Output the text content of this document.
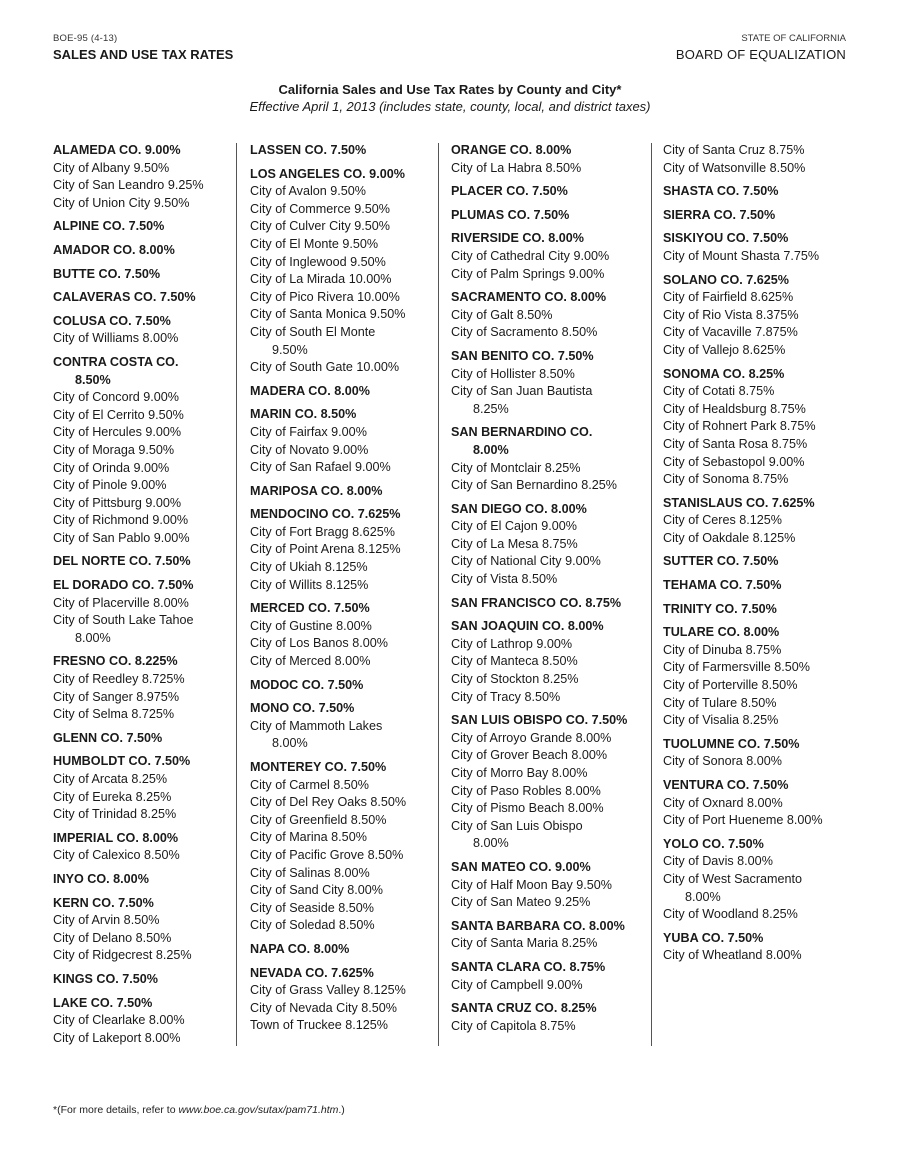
BOE-95 (4-13)
SALES AND USE TAX RATES
STATE OF CALIFORNIA
BOARD OF EQUALIZATION
California Sales and Use Tax Rates by County and City*
Effective April 1, 2013 (includes state, county, local, and district taxes)
ALAMEDA CO. 9.00%
City of Albany 9.50%
City of San Leandro 9.25%
City of Union City 9.50%
ALPINE CO. 7.50%
AMADOR CO. 8.00%
BUTTE CO. 7.50%
CALAVERAS CO. 7.50%
COLUSA CO. 7.50%
City of Williams 8.00%
CONTRA COSTA CO.
8.50%
City of Concord 9.00%
City of El Cerrito 9.50%
City of Hercules 9.00%
City of Moraga 9.50%
City of Orinda 9.00%
City of Pinole 9.00%
City of Pittsburg 9.00%
City of Richmond 9.00%
City of San Pablo 9.00%
DEL NORTE CO. 7.50%
EL DORADO CO. 7.50%
City of Placerville 8.00%
City of South Lake Tahoe
8.00%
FRESNO CO. 8.225%
City of Reedley 8.725%
City of Sanger 8.975%
City of Selma 8.725%
GLENN CO. 7.50%
HUMBOLDT CO. 7.50%
City of Arcata 8.25%
City of Eureka 8.25%
City of Trinidad 8.25%
IMPERIAL CO. 8.00%
City of Calexico 8.50%
INYO CO. 8.00%
KERN CO. 7.50%
City of Arvin 8.50%
City of Delano 8.50%
City of Ridgecrest 8.25%
KINGS CO. 7.50%
LAKE CO. 7.50%
City of Clearlake 8.00%
City of Lakeport 8.00%
LASSEN CO. 7.50%
LOS ANGELES CO. 9.00%
City of Avalon 9.50%
City of Commerce 9.50%
City of Culver City 9.50%
City of El Monte 9.50%
City of Inglewood 9.50%
City of La Mirada 10.00%
City of Pico Rivera 10.00%
City of Santa Monica 9.50%
City of South El Monte
9.50%
City of South Gate 10.00%
MADERA CO. 8.00%
MARIN CO. 8.50%
City of Fairfax 9.00%
City of Novato 9.00%
City of San Rafael 9.00%
MARIPOSA CO. 8.00%
MENDOCINO CO. 7.625%
City of Fort Bragg 8.625%
City of Point Arena 8.125%
City of Ukiah 8.125%
City of Willits 8.125%
MERCED CO. 7.50%
City of Gustine 8.00%
City of Los Banos 8.00%
City of Merced 8.00%
MODOC CO. 7.50%
MONO CO. 7.50%
City of Mammoth Lakes
8.00%
MONTEREY CO. 7.50%
City of Carmel 8.50%
City of Del Rey Oaks 8.50%
City of Greenfield 8.50%
City of Marina 8.50%
City of Pacific Grove 8.50%
City of Salinas 8.00%
City of Sand City 8.00%
City of Seaside 8.50%
City of Soledad 8.50%
NAPA CO. 8.00%
NEVADA CO. 7.625%
City of Grass Valley 8.125%
City of Nevada City 8.50%
Town of Truckee 8.125%
ORANGE CO. 8.00%
City of La Habra 8.50%
PLACER CO. 7.50%
PLUMAS CO. 7.50%
RIVERSIDE CO. 8.00%
City of Cathedral City 9.00%
City of Palm Springs 9.00%
SACRAMENTO CO. 8.00%
City of Galt 8.50%
City of Sacramento 8.50%
SAN BENITO CO. 7.50%
City of Hollister 8.50%
City of San Juan Bautista
8.25%
SAN BERNARDINO CO.
8.00%
City of Montclair 8.25%
City of San Bernardino 8.25%
SAN DIEGO CO. 8.00%
City of El Cajon 9.00%
City of La Mesa 8.75%
City of National City 9.00%
City of Vista 8.50%
SAN FRANCISCO CO. 8.75%
SAN JOAQUIN CO. 8.00%
City of Lathrop 9.00%
City of Manteca 8.50%
City of Stockton 8.25%
City of Tracy 8.50%
SAN LUIS OBISPO CO. 7.50%
City of Arroyo Grande 8.00%
City of Grover Beach 8.00%
City of Morro Bay 8.00%
City of Paso Robles 8.00%
City of Pismo Beach 8.00%
City of San Luis Obispo
8.00%
SAN MATEO CO. 9.00%
City of Half Moon Bay 9.50%
City of San Mateo 9.25%
SANTA BARBARA CO. 8.00%
City of Santa Maria 8.25%
SANTA CLARA CO. 8.75%
City of Campbell 9.00%
SANTA CRUZ CO. 8.25%
City of Capitola 8.75%
City of Santa Cruz 8.75%
City of Watsonville 8.50%
SHASTA CO. 7.50%
SIERRA CO. 7.50%
SISKIYOU CO. 7.50%
City of Mount Shasta 7.75%
SOLANO CO. 7.625%
City of Fairfield 8.625%
City of Rio Vista 8.375%
City of Vacaville 7.875%
City of Vallejo 8.625%
SONOMA CO. 8.25%
City of Cotati 8.75%
City of Healdsburg 8.75%
City of Rohnert Park 8.75%
City of Santa Rosa 8.75%
City of Sebastopol 9.00%
City of Sonoma 8.75%
STANISLAUS CO. 7.625%
City of Ceres 8.125%
City of Oakdale 8.125%
SUTTER CO. 7.50%
TEHAMA CO. 7.50%
TRINITY CO. 7.50%
TULARE CO. 8.00%
City of Dinuba 8.75%
City of Farmersville 8.50%
City of Porterville 8.50%
City of Tulare 8.50%
City of Visalia 8.25%
TUOLUMNE CO. 7.50%
City of Sonora 8.00%
VENTURA CO. 7.50%
City of Oxnard 8.00%
City of Port Hueneme 8.00%
YOLO CO. 7.50%
City of Davis 8.00%
City of West Sacramento
8.00%
City of Woodland 8.25%
YUBA CO. 7.50%
City of Wheatland 8.00%
*(For more details, refer to www.boe.ca.gov/sutax/pam71.htm.)
